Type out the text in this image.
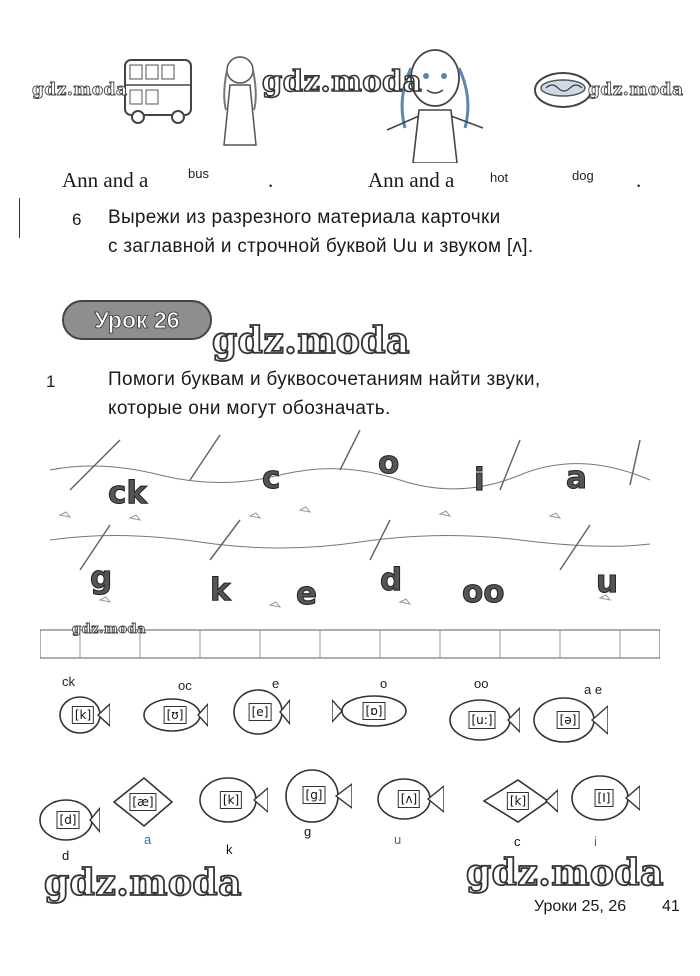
gdz.moda	gdz.moda	gdz.moda
Ann and a	bus	.	Ann and a	hot	dog .
6 Вырежи из разрезного материала карточки
с заглавной и строчной буквой Uu и звуком [ʌ].
Урок 26
gdz.moda
1	Помоги буквам и буквосочетаниям найти звуки,
которые они могут обозначать.
ck	c	o i	a
g	k e d oo	u
gdz.moda
ck
[k]
oc
[ʊ]
e
[e]
o
[ɒ]
oo
[u:]
a e
[ə]
[d]
d
[æ]
a
[k]
k
[g]
g
[ʌ]
u
[k]
c
[I]
i
gdz.moda	gdz.moda
Уроки 25, 26 41
